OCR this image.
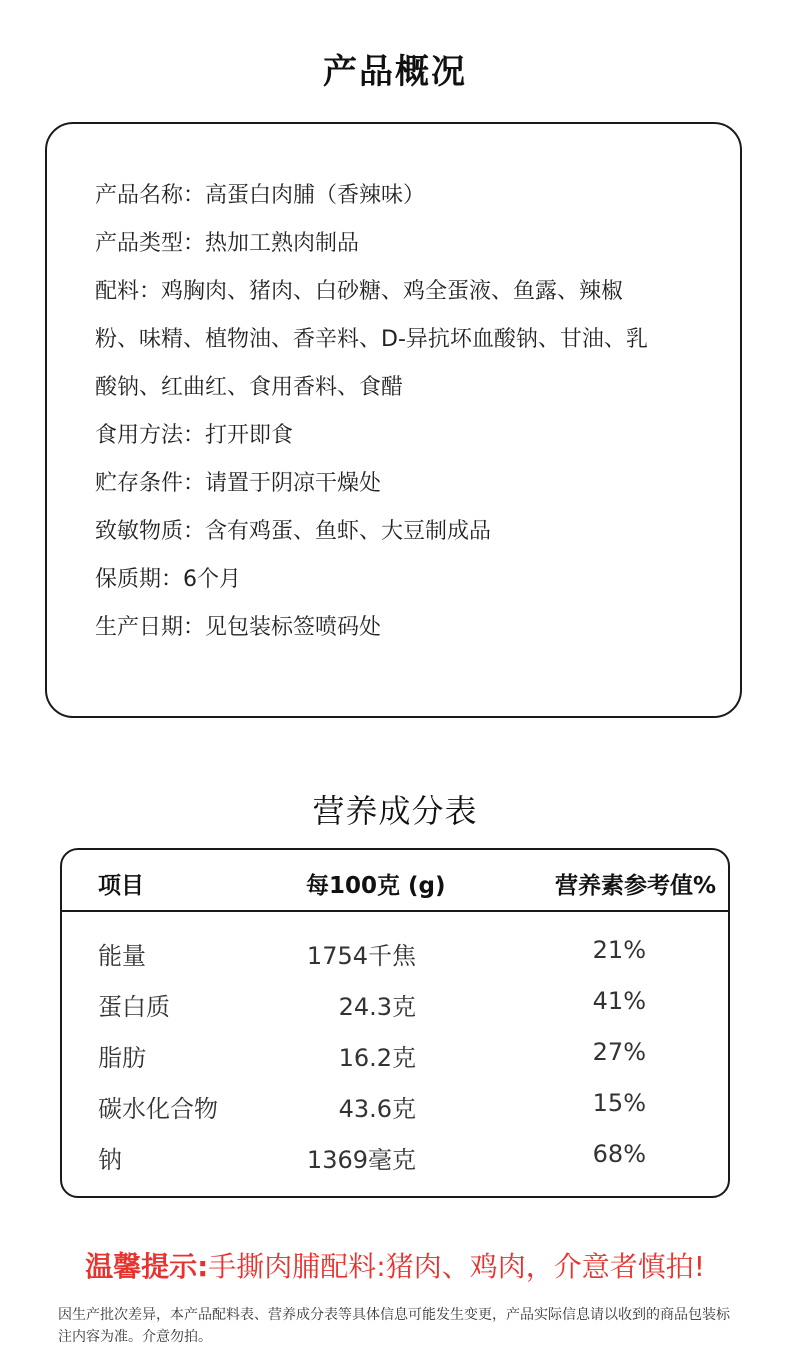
产品概况
产品名称：高蛋白肉脯（香辣味）
产品类型：热加工熟肉制品
配料：鸡胸肉、猪肉、白砂糖、鸡全蛋液、鱼露、辣椒
粉、味精、植物油、香辛料、D-异抗坏血酸钠、甘油、乳
酸钠、红曲红、食用香料、食醋
食用方法：打开即食
贮存条件：请置于阴凉干燥处
致敏物质：含有鸡蛋、鱼虾、大豆制成品
保质期：6个月
生产日期：见包装标签喷码处
营养成分表
项目	每100克 (g)	营养素参考值%
能量	1754千焦	21%
蛋白质	24.3克	41%
脂肪	16.2克	27%
碳水化合物	43.6克	15%
钠	1369毫克	68%
温馨提示:手撕肉脯配料:猪肉、鸡肉，介意者慎拍!
因生产批次差异，本产品配料表、营养成分表等具体信息可能发生变更，产品实际信息请以收到的商品包装标注内容为准。介意勿拍。
